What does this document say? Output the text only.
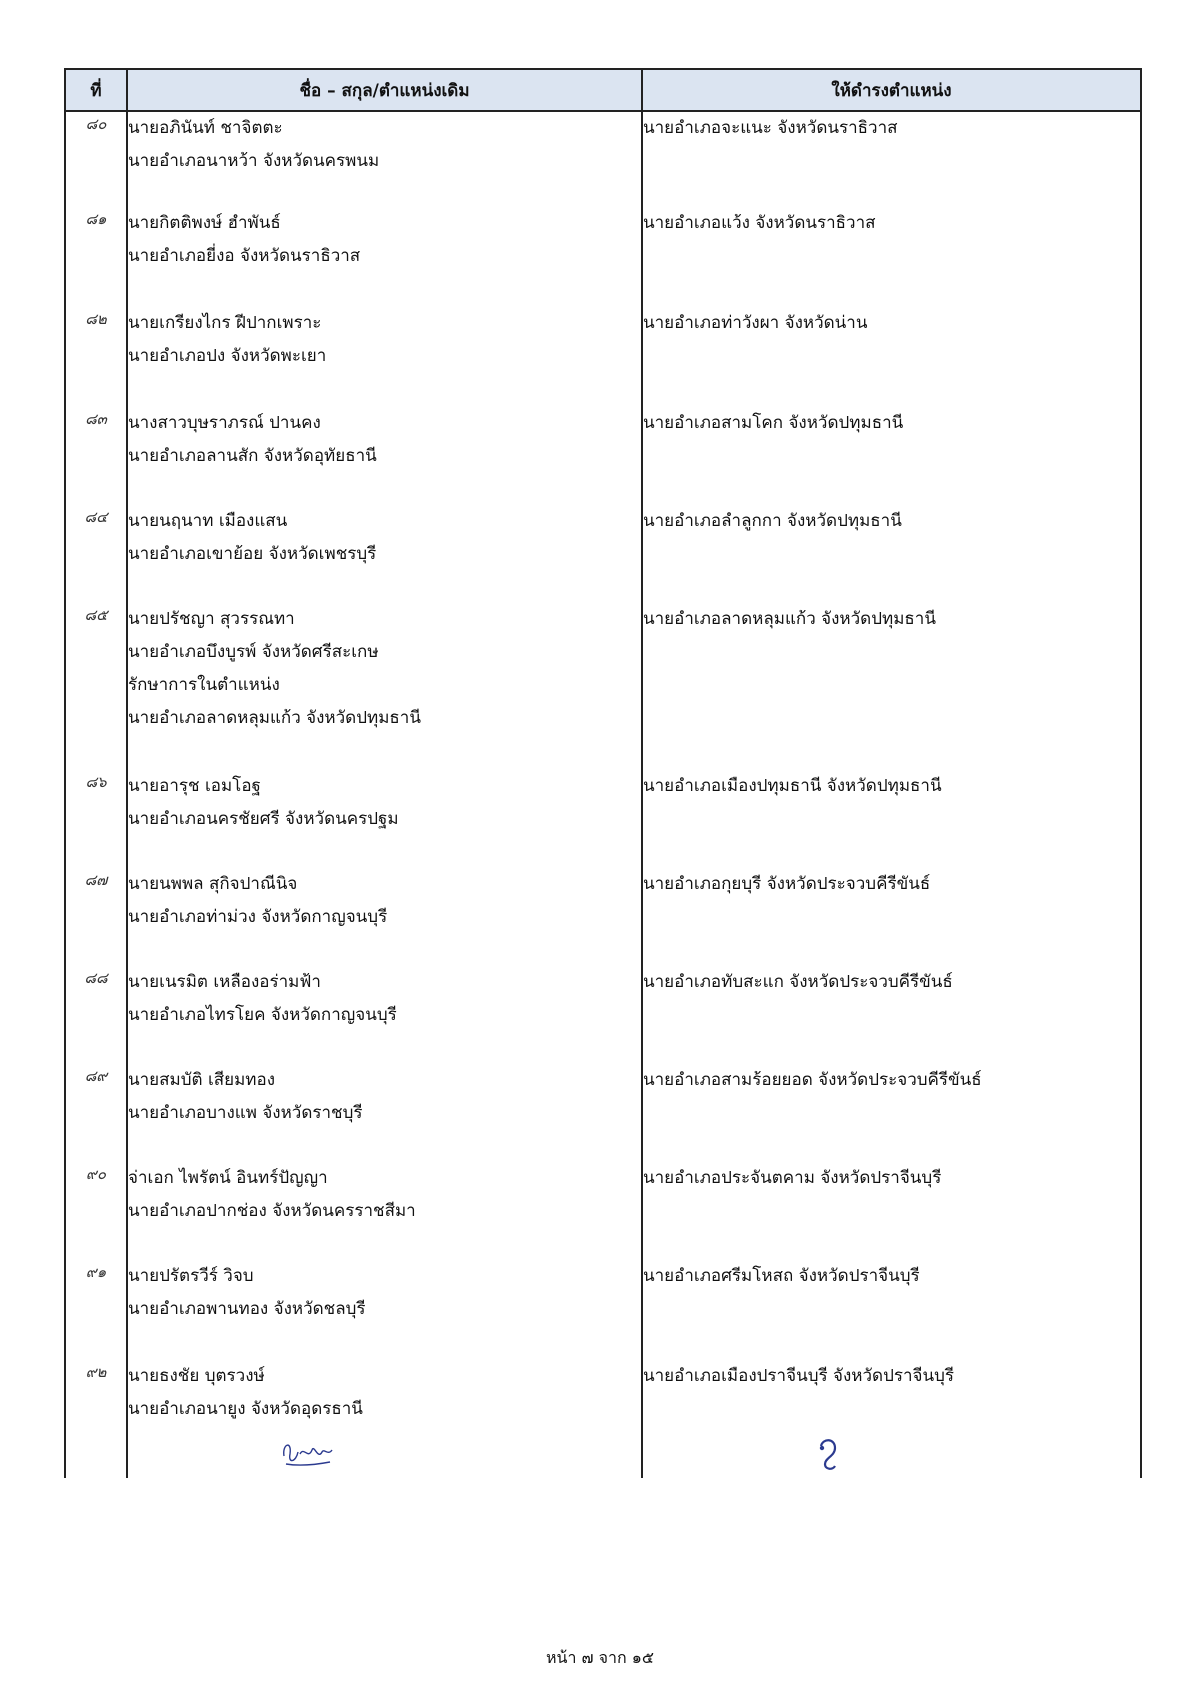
ที่	ชื่อ – สกุล/ตำแหน่งเดิม	ให้ดำรงตำแหน่ง
๘๐	นายอภินันท์ ชาจิตตะ
นายอำเภอนาหว้า จังหวัดนครพนม	นายอำเภอจะแนะ จังหวัดนราธิวาส

๘๑	นายกิตติพงษ์ ฮำพันธ์
นายอำเภอยี่งอ จังหวัดนราธิวาส	นายอำเภอแว้ง จังหวัดนราธิวาส

๘๒	นายเกรียงไกร ฝีปากเพราะ
นายอำเภอปง จังหวัดพะเยา	นายอำเภอท่าวังผา จังหวัดน่าน

๘๓	นางสาวบุษราภรณ์ ปานคง
นายอำเภอลานสัก จังหวัดอุทัยธานี	นายอำเภอสามโคก จังหวัดปทุมธานี

๘๔	นายนฤนาท เมืองแสน
นายอำเภอเขาย้อย จังหวัดเพชรบุรี	นายอำเภอลำลูกกา จังหวัดปทุมธานี

๘๕	นายปรัชญา สุวรรณทา
นายอำเภอบึงบูรพ์ จังหวัดศรีสะเกษ
รักษาการในตำแหน่ง
นายอำเภอลาดหลุมแก้ว จังหวัดปทุมธานี	นายอำเภอลาดหลุมแก้ว จังหวัดปทุมธานี

๘๖	นายอารุช เอมโอฐ
นายอำเภอนครชัยศรี จังหวัดนครปฐม	นายอำเภอเมืองปทุมธานี จังหวัดปทุมธานี

๘๗	นายนพพล สุกิจปาณีนิจ
นายอำเภอท่าม่วง จังหวัดกาญจนบุรี	นายอำเภอกุยบุรี จังหวัดประจวบคีรีขันธ์

๘๘	นายเนรมิต เหลืองอร่ามฟ้า
นายอำเภอไทรโยค จังหวัดกาญจนบุรี	นายอำเภอทับสะแก จังหวัดประจวบคีรีขันธ์

๘๙	นายสมบัติ เสียมทอง
นายอำเภอบางแพ จังหวัดราชบุรี	นายอำเภอสามร้อยยอด จังหวัดประจวบคีรีขันธ์

๙๐	จ่าเอก ไพรัตน์ อินทร์ปัญญา
นายอำเภอปากช่อง จังหวัดนครราชสีมา	นายอำเภอประจันตคาม จังหวัดปราจีนบุรี

๙๑	นายปรัตรวีร์ วิจบ
นายอำเภอพานทอง จังหวัดชลบุรี	นายอำเภอศรีมโหสถ จังหวัดปราจีนบุรี

๙๒	นายธงชัย บุตรวงษ์
นายอำเภอนายูง จังหวัดอุดรธานี	นายอำเภอเมืองปราจีนบุรี จังหวัดปราจีนบุรี

หน้า ๗ จาก ๑๕
